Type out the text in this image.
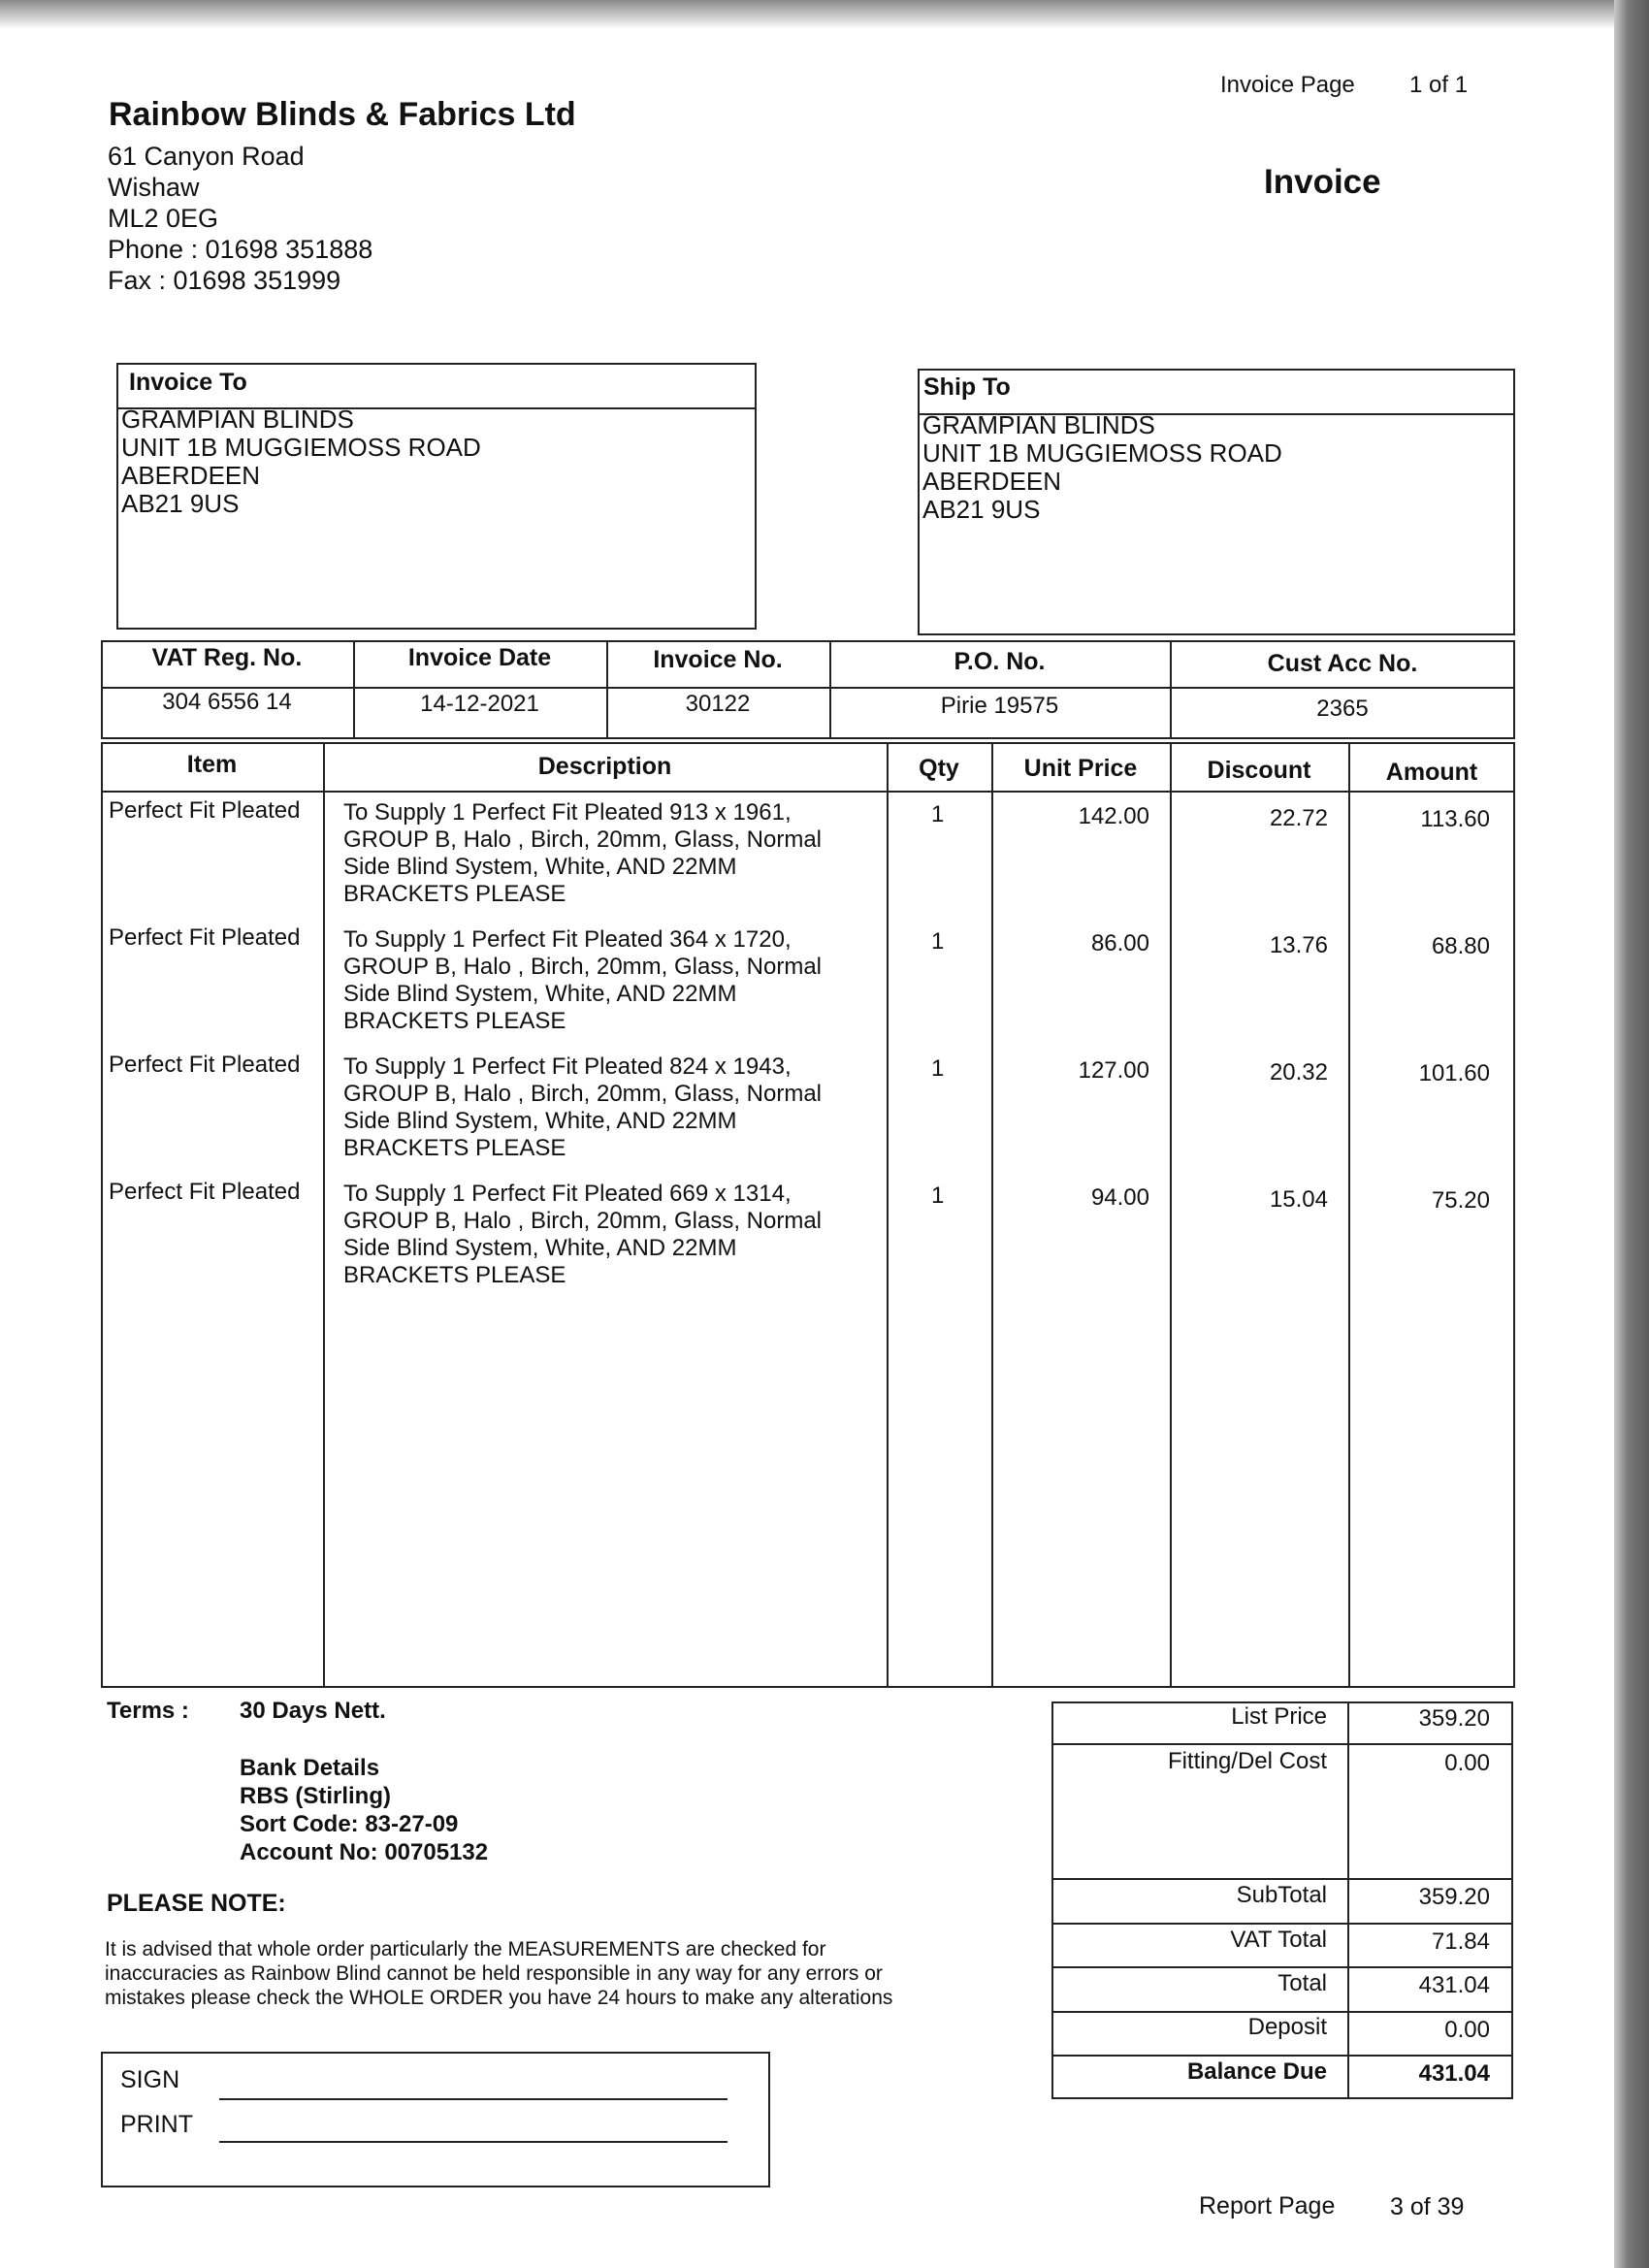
Invoice Page 1 of 1
Invoice
Rainbow Blinds & Fabrics Ltd
61 Canyon Road
Wishaw
ML2 0EG
Phone : 01698 351888
Fax : 01698 351999
Invoice To
GRAMPIAN BLINDS
UNIT 1B MUGGIEMOSS ROAD
ABERDEEN
AB21 9US
Ship To
GRAMPIAN BLINDS
UNIT 1B MUGGIEMOSS ROAD
ABERDEEN
AB21 9US
VAT Reg. No.	Invoice Date	Invoice No.	P.O. No.	Cust Acc No.
304 6556 14	14-12-2021	30122	Pirie 19575	2365
Item	Description	Qty	Unit Price	Discount	Amount
Perfect Fit Pleated To Supply 1 Perfect Fit Pleated 913 x 1961,
GROUP B, Halo , Birch, 20mm, Glass, Normal
Side Blind System, White, AND 22MM
BRACKETS PLEASE
1	142.00	22.72	113.60
Perfect Fit Pleated To Supply 1 Perfect Fit Pleated 364 x 1720,
GROUP B, Halo , Birch, 20mm, Glass, Normal
Side Blind System, White, AND 22MM
BRACKETS PLEASE
1	86.00	13.76	68.80
Perfect Fit Pleated To Supply 1 Perfect Fit Pleated 824 x 1943,
GROUP B, Halo , Birch, 20mm, Glass, Normal
Side Blind System, White, AND 22MM
BRACKETS PLEASE
1	127.00	20.32	101.60
Perfect Fit Pleated To Supply 1 Perfect Fit Pleated 669 x 1314,
GROUP B, Halo , Birch, 20mm, Glass, Normal
Side Blind System, White, AND 22MM
BRACKETS PLEASE
1	94.00	15.04	75.20
Terms : 30 Days Nett.
Bank Details
RBS (Stirling)
Sort Code: 83-27-09
Account No: 00705132
PLEASE NOTE:
It is advised that whole order particularly the MEASUREMENTS are checked for
inaccuracies as Rainbow Blind cannot be held responsible in any way for any errors or
mistakes please check the WHOLE ORDER you have 24 hours to make any alterations
SIGN
PRINT
List Price	359.20
Fitting/Del Cost	0.00
SubTotal	359.20
VAT Total	71.84
Total	431.04
Deposit	0.00
Balance Due	431.04
Report Page 3 of 39
